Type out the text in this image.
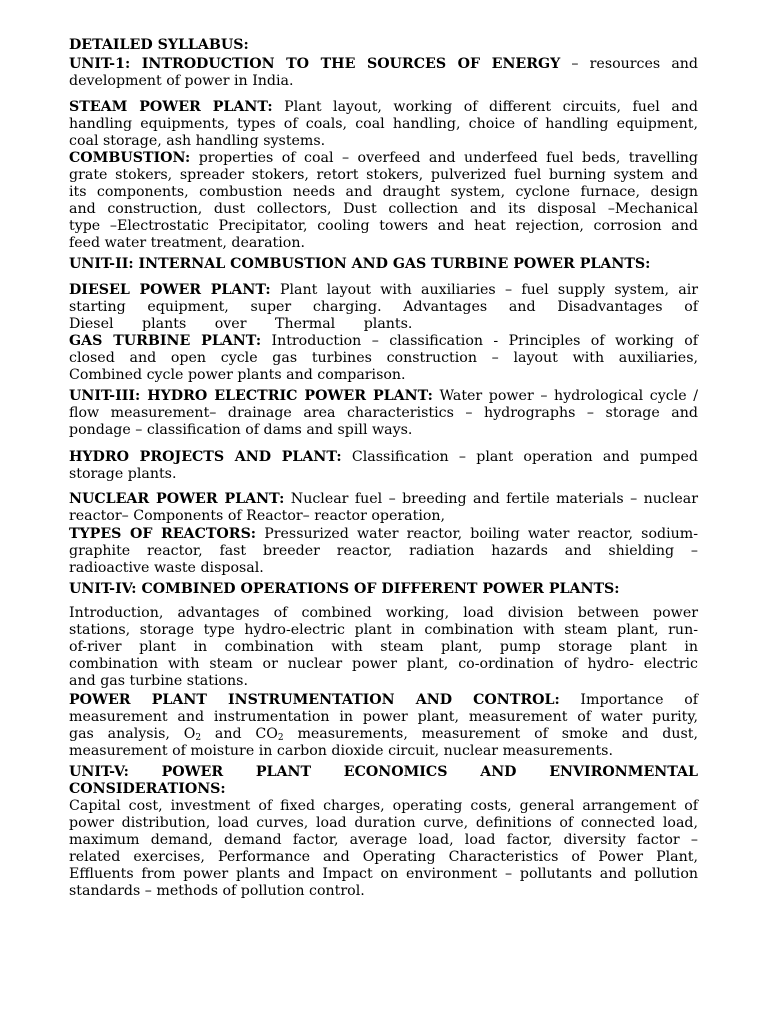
DETAILED SYLLABUS:
UNIT-1: INTRODUCTION TO THE SOURCES OF ENERGY – resources and
development of power in India.
STEAM POWER PLANT: Plant layout, working of different circuits, fuel and
handling equipments, types of coals, coal handling, choice of handling equipment,
coal storage, ash handling systems.
COMBUSTION: properties of coal – overfeed and underfeed fuel beds, travelling
grate stokers, spreader stokers, retort stokers, pulverized fuel burning system and
its components, combustion needs and draught system, cyclone furnace, design
and construction, dust collectors, Dust collection and its disposal –Mechanical
type –Electrostatic Precipitator, cooling towers and heat rejection, corrosion and
feed water treatment, dearation.
UNIT-II: INTERNAL COMBUSTION AND GAS TURBINE POWER PLANTS:
DIESEL POWER PLANT: Plant layout with auxiliaries – fuel supply system, air
starting equipment, super charging. Advantages and Disadvantages of
Diesel plants over Thermal plants.
GAS TURBINE PLANT: Introduction – classification - Principles of working of
closed and open cycle gas turbines construction – layout with auxiliaries,
Combined cycle power plants and comparison.
UNIT-III: HYDRO ELECTRIC POWER PLANT: Water power – hydrological cycle /
flow measurement– drainage area characteristics – hydrographs – storage and
pondage – classification of dams and spill ways.
HYDRO PROJECTS AND PLANT: Classification – plant operation and pumped
storage plants.
NUCLEAR POWER PLANT: Nuclear fuel – breeding and fertile materials – nuclear
reactor– Components of Reactor– reactor operation,
TYPES OF REACTORS: Pressurized water reactor, boiling water reactor, sodium-
graphite reactor, fast breeder reactor, radiation hazards and shielding –
radioactive waste disposal.
UNIT-IV: COMBINED OPERATIONS OF DIFFERENT POWER PLANTS:
Introduction, advantages of combined working, load division between power
stations, storage type hydro-electric plant in combination with steam plant, run-
of-river plant in combination with steam plant, pump storage plant in
combination with steam or nuclear power plant, co-ordination of hydro- electric
and gas turbine stations.
POWER PLANT INSTRUMENTATION AND CONTROL: Importance of
measurement and instrumentation in power plant, measurement of water purity,
gas analysis, $O_2$ and $CO_2$ measurements, measurement of smoke and dust,
measurement of moisture in carbon dioxide circuit, nuclear measurements.
UNIT-V: POWER PLANT ECONOMICS AND ENVIRONMENTAL
CONSIDERATIONS:
Capital cost, investment of fixed charges, operating costs, general arrangement of
power distribution, load curves, load duration curve, definitions of connected load,
maximum demand, demand factor, average load, load factor, diversity factor –
related exercises, Performance and Operating Characteristics of Power Plant,
Effluents from power plants and Impact on environment – pollutants and pollution
standards – methods of pollution control.
